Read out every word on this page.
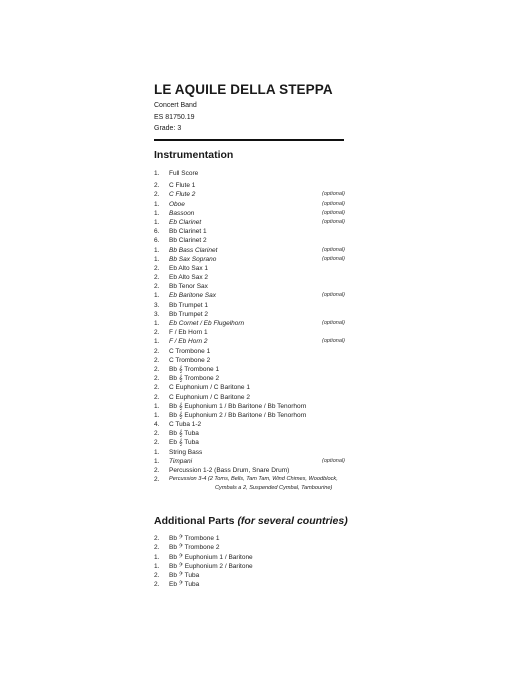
LE AQUILE DELLA STEPPA

Concert Band

ES 81750.19

Grade: 3

Instrumentation
1.	Full Score
2.	C Flute 1
2.	C Flute 2	(optional)
1.	Oboe	(optional)
1.	Bassoon	(optional)
1.	Eb Clarinet	(optional)
6.	Bb Clarinet 1
6.	Bb Clarinet 2
1.	Bb Bass Clarinet	(optional)
1.	Bb Sax Soprano	(optional)
2.	Eb Alto Sax 1
2.	Eb Alto Sax 2
2.	Bb Tenor Sax
1.	Eb Baritone Sax	(optional)
3.	Bb Trumpet 1
3.	Bb Trumpet 2
1.	Eb Cornet / Eb Flugelhorn	(optional)
2.	F / Eb Horn 1
1.	F / Eb Horn 2	(optional)
2.	C Trombone 1
2.	C Trombone 2
2.	Bb 𝄞 Trombone 1
2.	Bb 𝄞 Trombone 2
2.	C Euphonium / C Baritone 1
2.	C Euphonium / C Baritone 2
1.	Bb 𝄞 Euphonium 1 / Bb Baritone / Bb Tenorhorn
1.	Bb 𝄞 Euphonium 2 / Bb Baritone / Bb Tenorhorn
4.	C Tuba 1-2
2.	Bb 𝄞 Tuba
2.	Eb 𝄞 Tuba
1.	String Bass
1.	Timpani	(optional)
2.	Percussion 1-2 (Bass Drum, Snare Drum)
2.	Percussion 3-4 (2 Toms, Bells, Tam Tam, Wind Chimes, Woodblock,
Cymbals a 2, Suspended Cymbal, Tambourine)
Additional Parts (for several countries)
2.	Bb 𝄢 Trombone 1
2.	Bb 𝄢 Trombone 2
1.	Bb 𝄢 Euphonium 1 / Baritone
1.	Bb 𝄢 Euphonium 2 / Baritone
2.	Bb 𝄢 Tuba
2.	Eb 𝄢 Tuba
